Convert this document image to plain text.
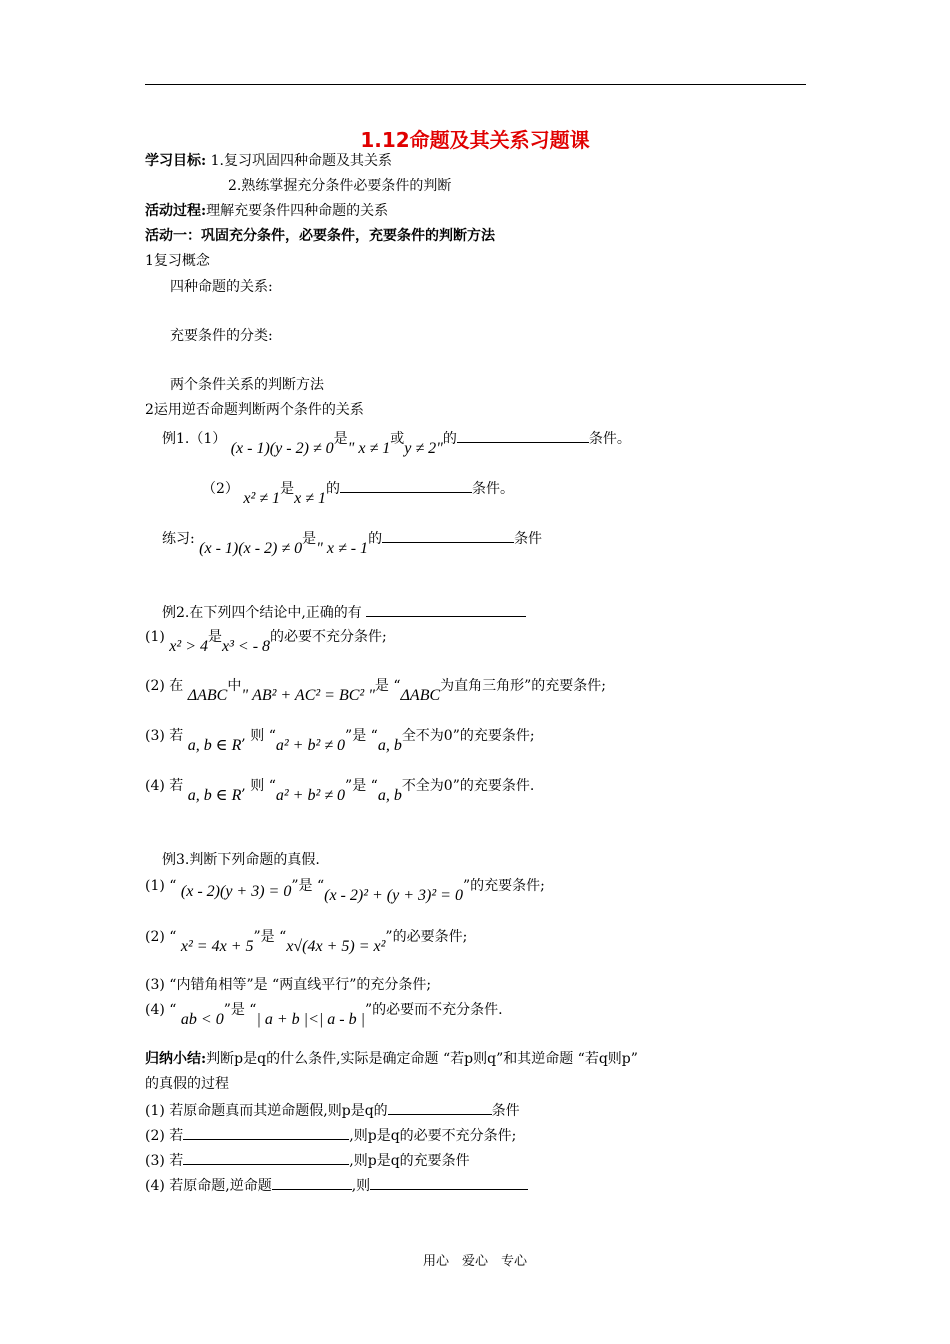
1.12命题及其关系习题课
学习目标: 1.复习巩固四种命题及其关系
2.熟练掌握充分条件必要条件的判断
活动过程:理解充要条件四种命题的关系
活动一：巩固充分条件，必要条件，充要条件的判断方法
1复习概念
四种命题的关系:
充要条件的分类:
两个条件关系的判断方法
2运用逆否命题判断两个条件的关系
例1.（1） (x - 1)(y - 2) ≠ 0是" x ≠ 1或y ≠ 2"的	条件。
（2） x² ≠ 1是x ≠ 1的	条件。
练习: (x - 1)(x - 2) ≠ 0是" x ≠ - 1的	条件
例2.在下列四个结论中,正确的有
(1) x² > 4是x³ < - 8的必要不充分条件;
(2) 在 ΔABC中" AB² + AC² = BC² "是 “ΔABC为直角三角形”的充要条件;
(3) 若 a, b ∈ R, 则 “a² + b² ≠ 0”是 “a, b全不为0”的充要条件;
(4) 若 a, b ∈ R, 则 “a² + b² ≠ 0”是 “a, b不全为0”的充要条件.
例3.判断下列命题的真假.
(1) “ (x - 2)(y + 3) = 0”是 “(x - 2)² + (y + 3)² = 0”的充要条件;
(2) “ x² = 4x + 5”是 “x√(4x + 5) = x²”的必要条件;
(3) “内错角相等”是 “两直线平行”的充分条件;
(4) “ ab < 0”是 “| a + b |<| a - b |”的必要而不充分条件.
归纳小结:判断p是q的什么条件,实际是确定命题 “若p则q”和其逆命题 “若q则p”
的真假的过程
(1) 若原命题真而其逆命题假,则p是q的	条件
(2) 若	,则p是q的必要不充分条件;
(3) 若	,则p是q的充要条件
(4) 若原命题,逆命题	,则
用心　爱心　专心
